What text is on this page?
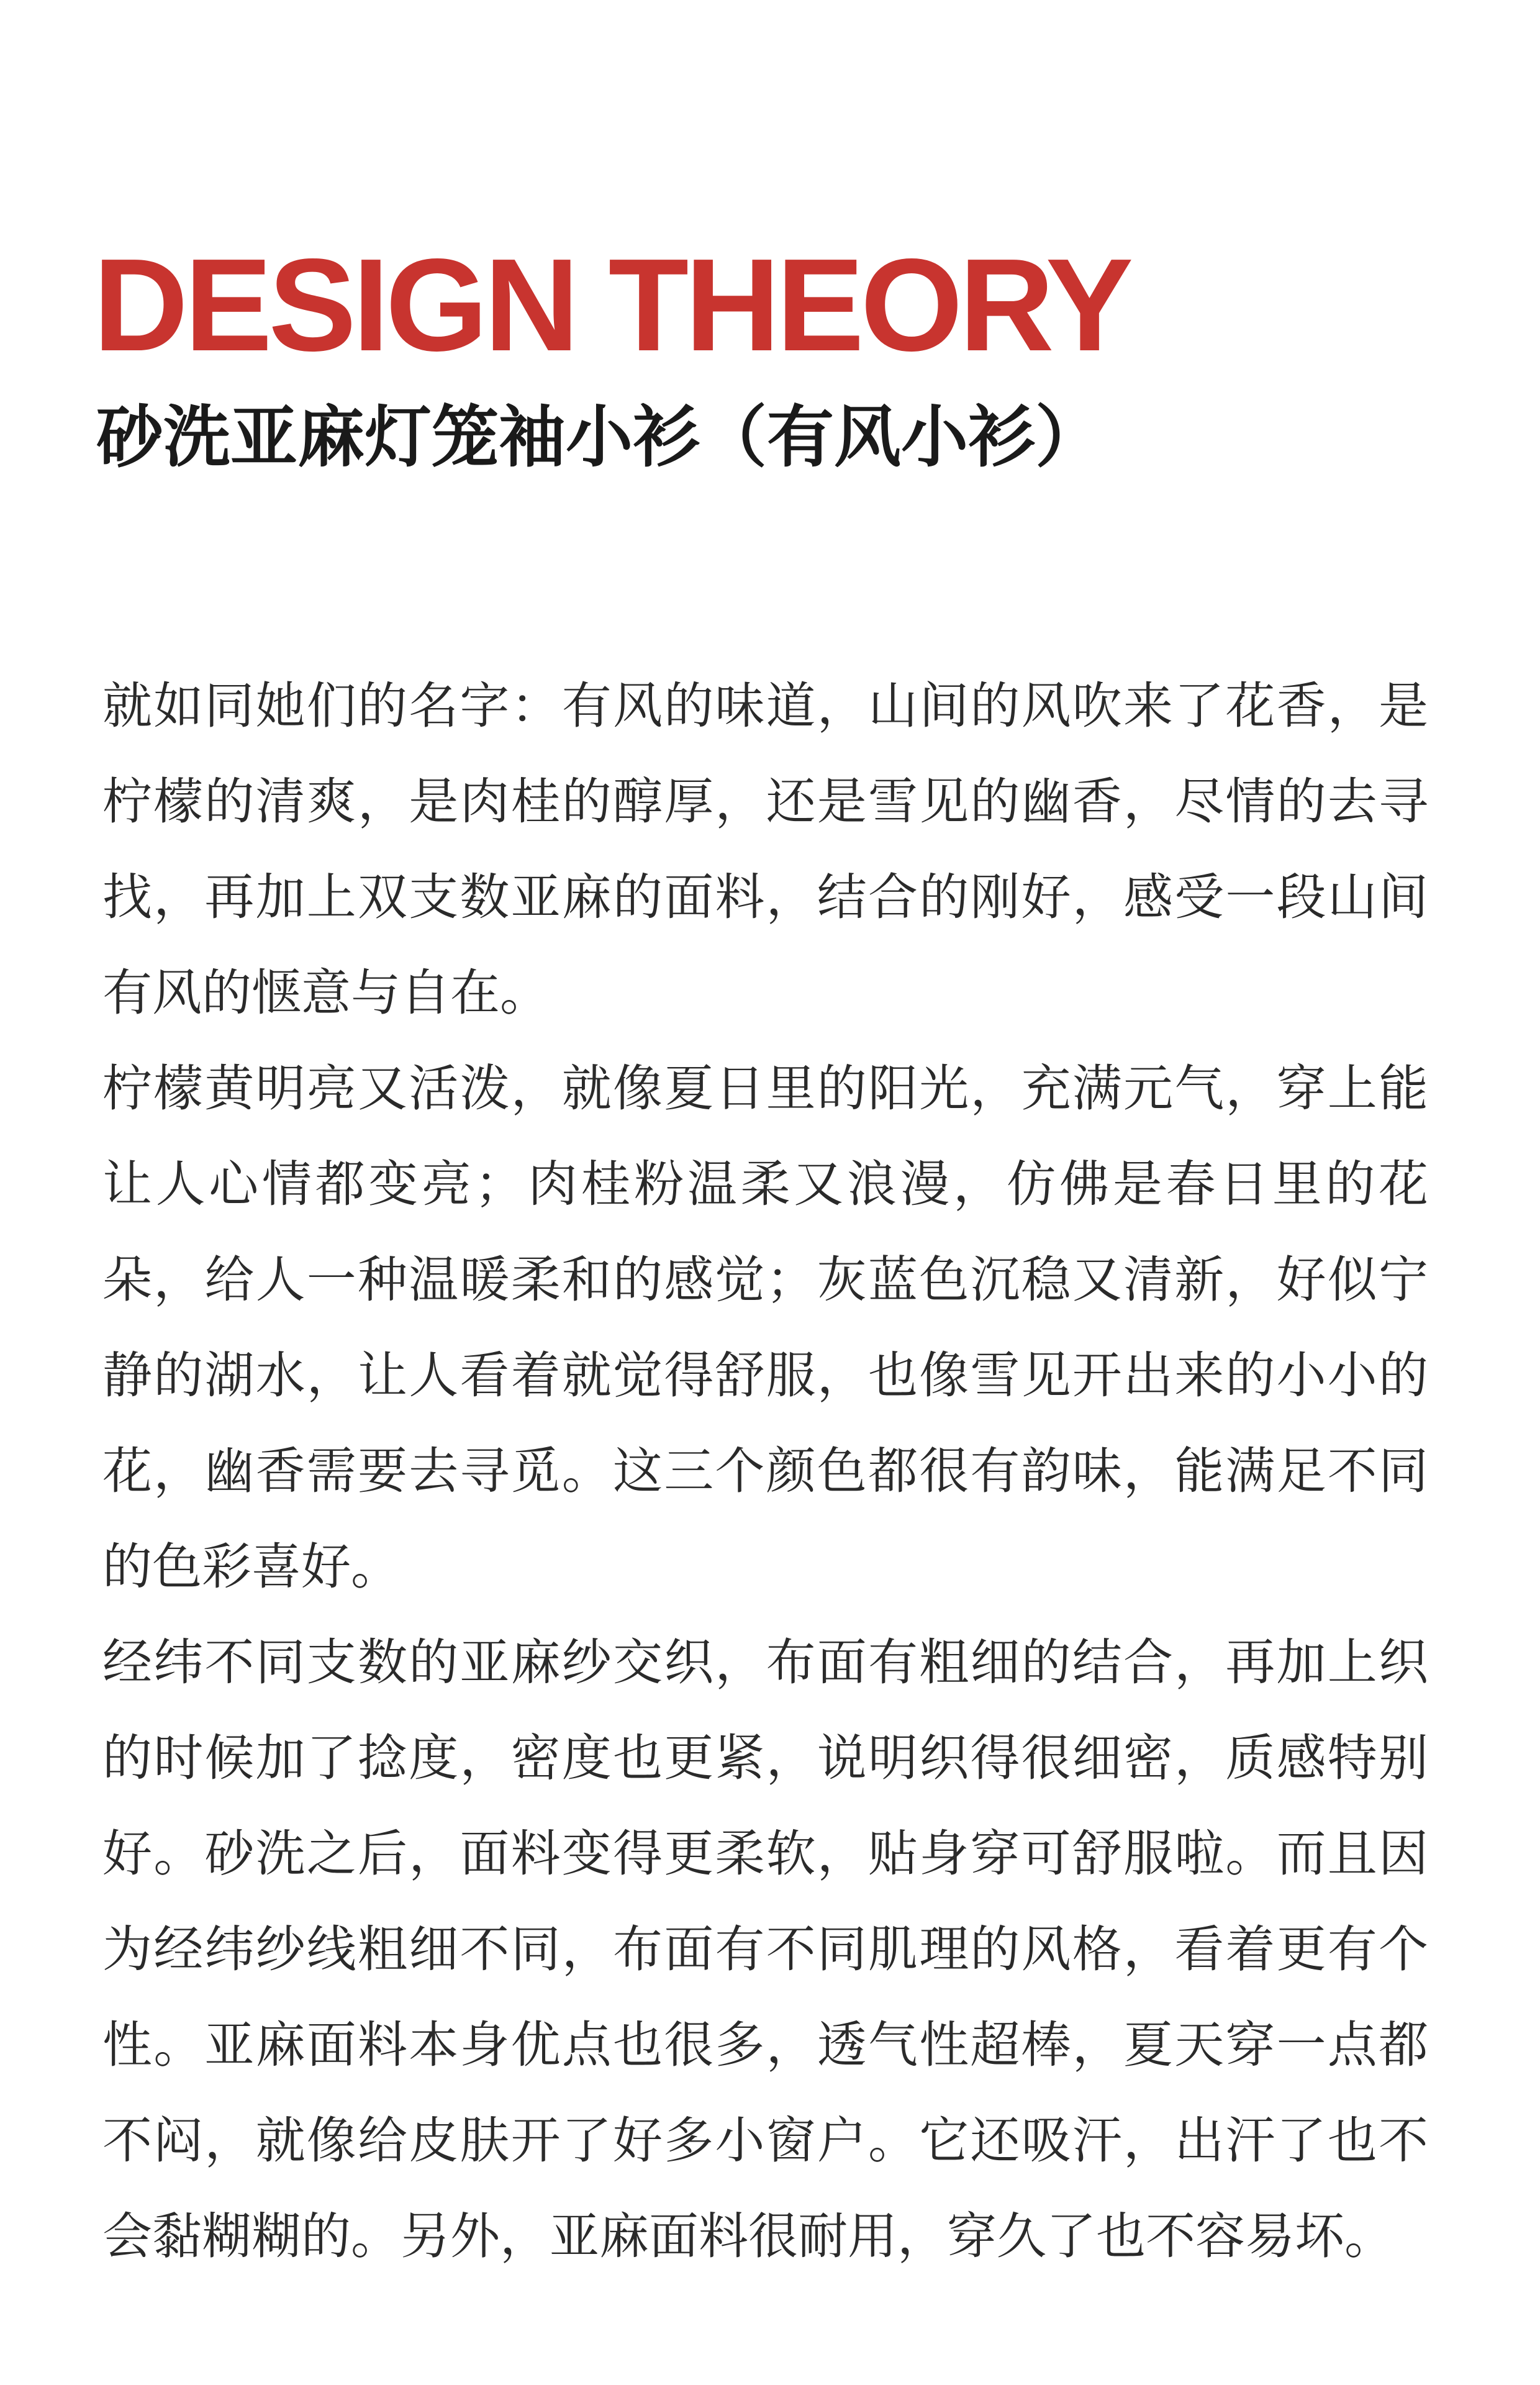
DESIGN THEORY
砂洗亚麻灯笼袖小衫（有风小衫）

就如同她们的名字：有风的味道，山间的风吹来了花香，是柠檬的清爽，是肉桂的醇厚，还是雪见的幽香，尽情的去寻找，再加上双支数亚麻的面料，结合的刚好，感受一段山间有风的惬意与自在。

柠檬黄明亮又活泼，就像夏日里的阳光，充满元气，穿上能让人心情都变亮；肉桂粉温柔又浪漫，仿佛是春日里的花朵，给人一种温暖柔和的感觉；灰蓝色沉稳又清新，好似宁静的湖水，让人看着就觉得舒服，也像雪见开出来的小小的花，幽香需要去寻觅。这三个颜色都很有韵味，能满足不同的色彩喜好。

经纬不同支数的亚麻纱交织，布面有粗细的结合，再加上织的时候加了捻度，密度也更紧，说明织得很细密，质感特别好。砂洗之后，面料变得更柔软，贴身穿可舒服啦。而且因为经纬纱线粗细不同，布面有不同肌理的风格，看着更有个性。亚麻面料本身优点也很多，透气性超棒，夏天穿一点都不闷，就像给皮肤开了好多小窗户。它还吸汗，出汗了也不会黏糊糊的。另外，亚麻面料很耐用，穿久了也不容易坏。
